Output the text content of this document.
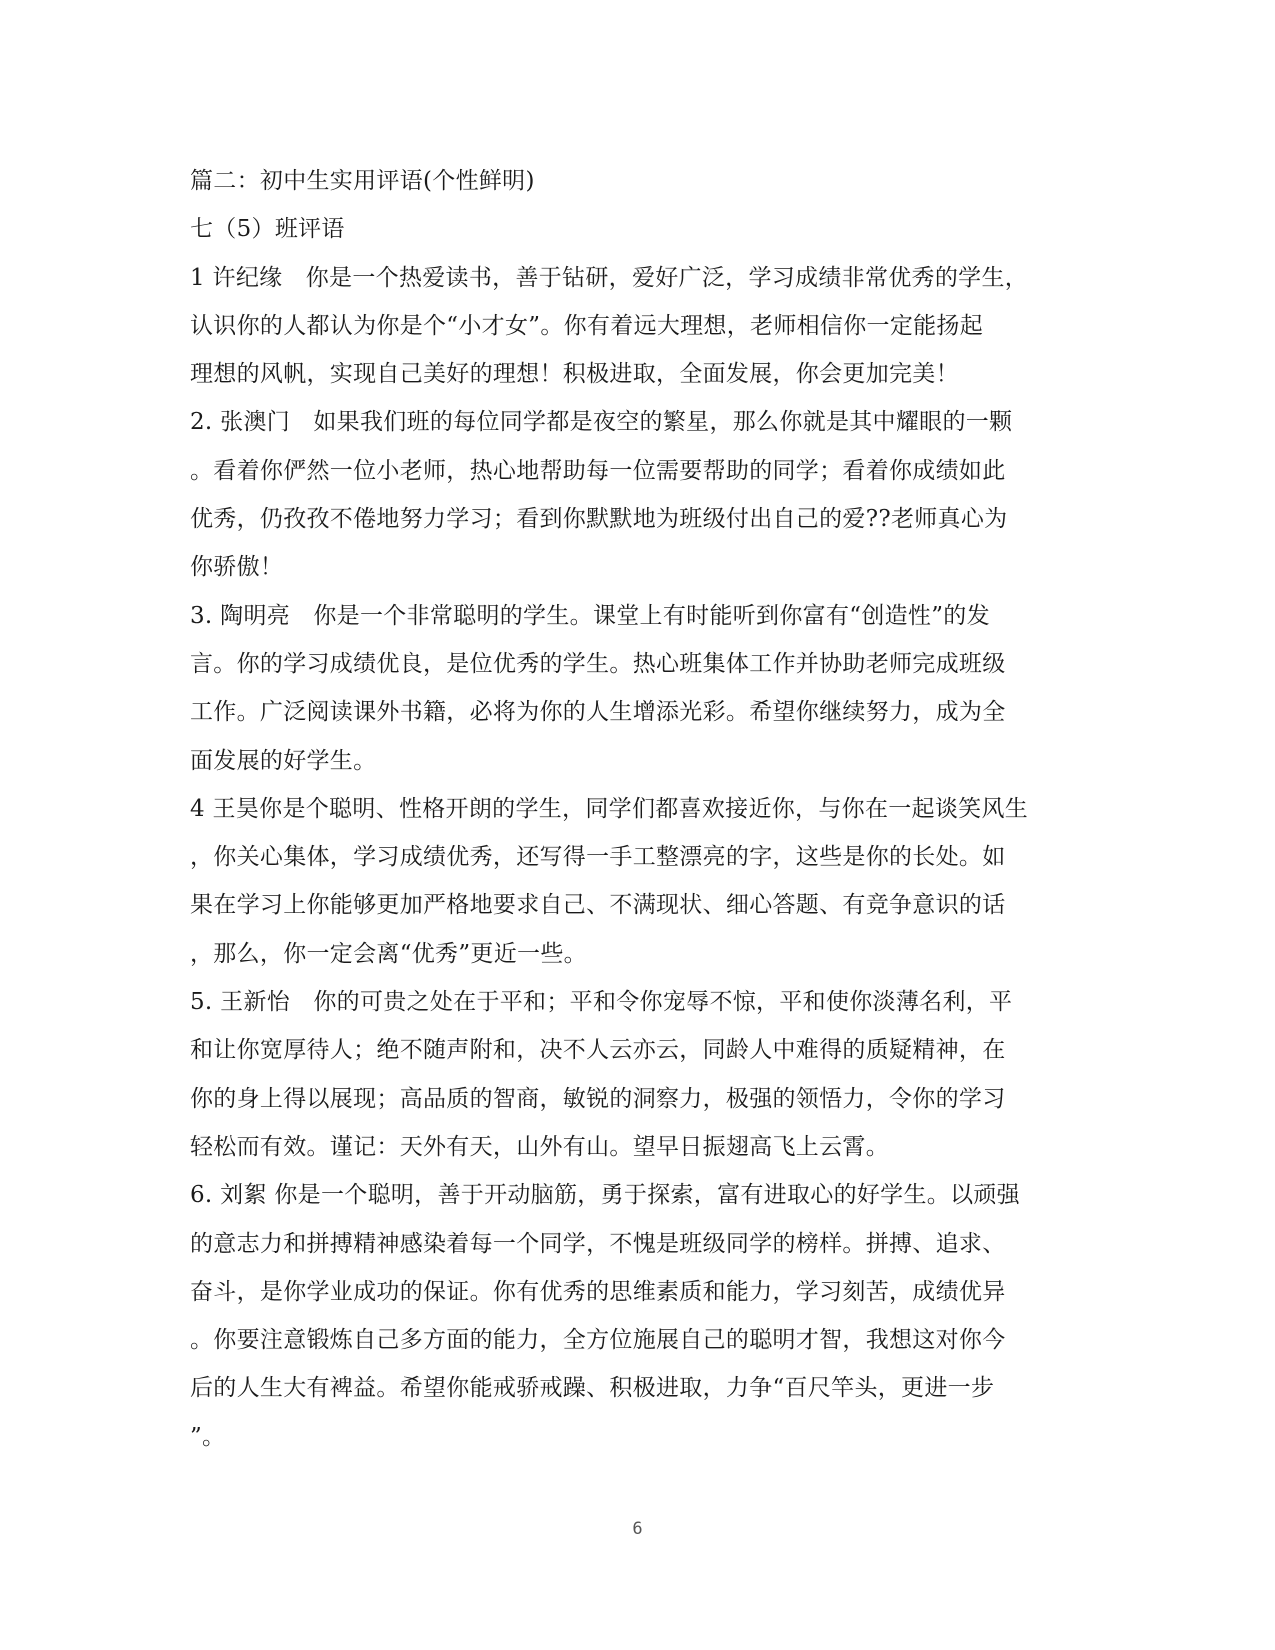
篇二：初中生实用评语(个性鲜明)
七（5）班评语
1 许纪缘　你是一个热爱读书，善于钻研，爱好广泛，学习成绩非常优秀的学生，
认识你的人都认为你是个“小才女”。你有着远大理想，老师相信你一定能扬起
理想的风帆，实现自己美好的理想！积极进取，全面发展，你会更加完美！
2. 张澳门　如果我们班的每位同学都是夜空的繁星，那么你就是其中耀眼的一颗
。看着你俨然一位小老师，热心地帮助每一位需要帮助的同学；看着你成绩如此
优秀，仍孜孜不倦地努力学习；看到你默默地为班级付出自己的爱??老师真心为
你骄傲！
3. 陶明亮　你是一个非常聪明的学生。课堂上有时能听到你富有“创造性”的发
言。你的学习成绩优良，是位优秀的学生。热心班集体工作并协助老师完成班级
工作。广泛阅读课外书籍，必将为你的人生增添光彩。希望你继续努力，成为全
面发展的好学生。
4 王昊你是个聪明、性格开朗的学生，同学们都喜欢接近你，与你在一起谈笑风生
，你关心集体，学习成绩优秀，还写得一手工整漂亮的字，这些是你的长处。如
果在学习上你能够更加严格地要求自己、不满现状、细心答题、有竞争意识的话
，那么，你一定会离“优秀”更近一些。
5. 王新怡　你的可贵之处在于平和；平和令你宠辱不惊，平和使你淡薄名利，平
和让你宽厚待人；绝不随声附和，决不人云亦云，同龄人中难得的质疑精神，在
你的身上得以展现；高品质的智商，敏锐的洞察力，极强的领悟力，令你的学习
轻松而有效。谨记：天外有天，山外有山。望早日振翅高飞上云霄。
6. 刘絮 你是一个聪明，善于开动脑筋，勇于探索，富有进取心的好学生。以顽强
的意志力和拼搏精神感染着每一个同学，不愧是班级同学的榜样。拼搏、追求、
奋斗，是你学业成功的保证。你有优秀的思维素质和能力，学习刻苦，成绩优异
。你要注意锻炼自己多方面的能力，全方位施展自己的聪明才智，我想这对你今
后的人生大有裨益。希望你能戒骄戒躁、积极进取，力争“百尺竿头，更进一步
”。
6
